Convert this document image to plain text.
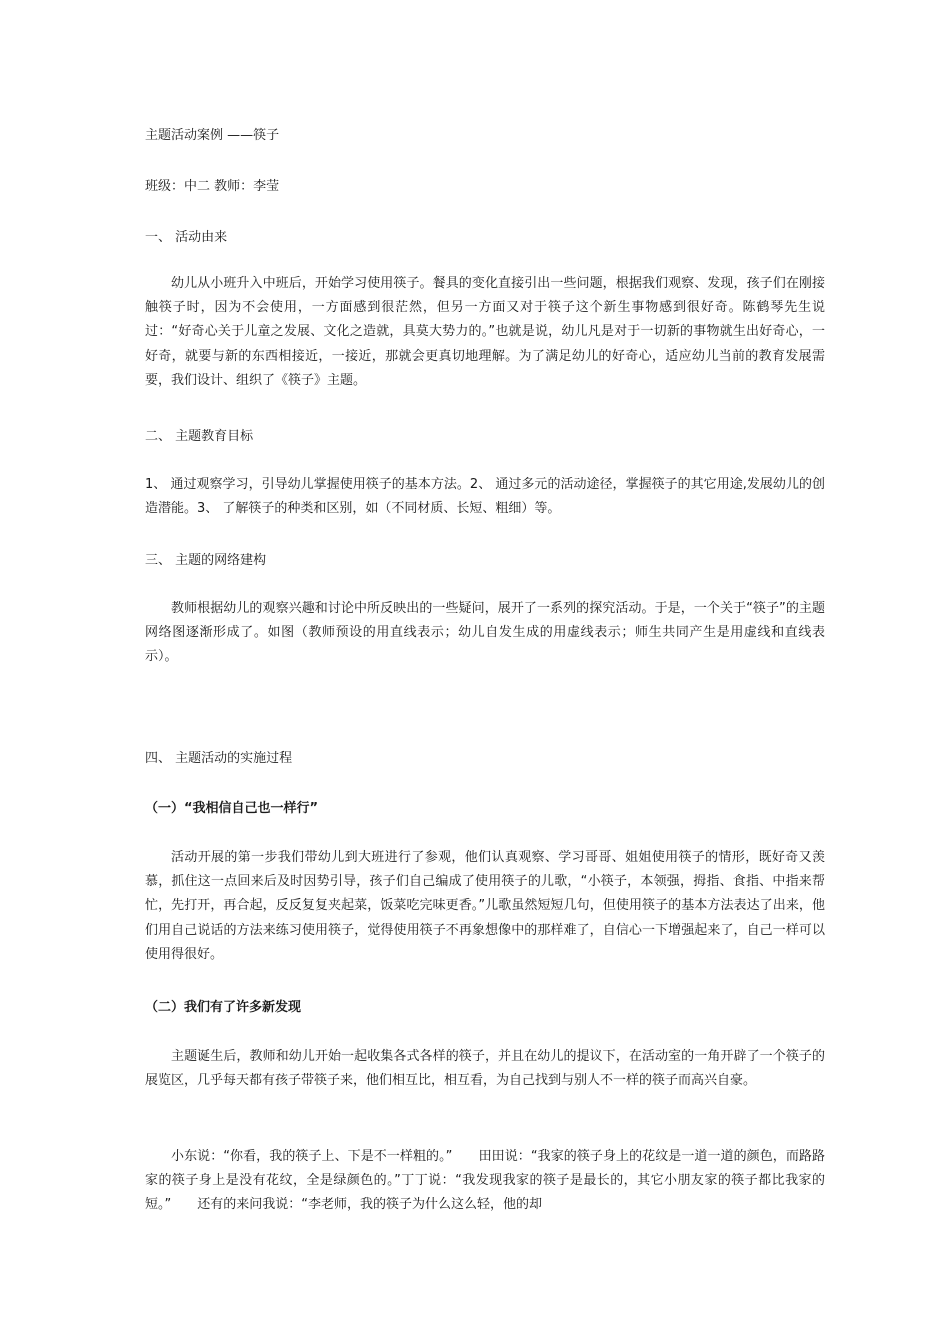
主题活动案例 ——筷子
班级：中二 教师：李莹
一、 活动由来

幼儿从小班升入中班后，开始学习使用筷子。餐具的变化直接引出一些问题，根据我们观察、发现，孩子们在刚接触筷子时，因为不会使用，一方面感到很茫然，但另一方面又对于筷子这个新生事物感到很好奇。陈鹤琴先生说过：“好奇心关于儿童之发展、文化之造就，具莫大势力的。”也就是说，幼儿凡是对于一切新的事物就生出好奇心，一好奇，就要与新的东西相接近，一接近，那就会更真切地理解。为了满足幼儿的好奇心，适应幼儿当前的教育发展需要，我们设计、组织了《筷子》主题。

二、 主题教育目标

1、 通过观察学习，引导幼儿掌握使用筷子的基本方法。2、 通过多元的活动途径，掌握筷子的其它用途,发展幼儿的创造潜能。3、 了解筷子的种类和区别，如（不同材质、长短、粗细）等。

三、 主题的网络建构

教师根据幼儿的观察兴趣和讨论中所反映出的一些疑问，展开了一系列的探究活动。于是，一个关于“筷子”的主题网络图逐渐形成了。如图（教师预设的用直线表示；幼儿自发生成的用虚线表示；师生共同产生是用虚线和直线表示）。

四、 主题活动的实施过程
（一）“我相信自己也一样行”

活动开展的第一步我们带幼儿到大班进行了参观，他们认真观察、学习哥哥、姐姐使用筷子的情形，既好奇又羡慕，抓住这一点回来后及时因势引导，孩子们自己编成了使用筷子的儿歌，“小筷子，本领强，拇指、食指、中指来帮忙，先打开，再合起，反反复复夹起菜，饭菜吃完味更香。”儿歌虽然短短几句，但使用筷子的基本方法表达了出来，他们用自己说话的方法来练习使用筷子，觉得使用筷子不再象想像中的那样难了，自信心一下增强起来了，自己一样可以使用得很好。

（二）我们有了许多新发现

主题诞生后，教师和幼儿开始一起收集各式各样的筷子，并且在幼儿的提议下，在活动室的一角开辟了一个筷子的展览区，几乎每天都有孩子带筷子来，他们相互比，相互看，为自己找到与别人不一样的筷子而高兴自豪。

小东说：“你看，我的筷子上、下是不一样粗的。”　　田田说：“我家的筷子身上的花纹是一道一道的颜色，而路路家的筷子身上是没有花纹，全是绿颜色的。”丁丁说：“我发现我家的筷子是最长的，其它小朋友家的筷子都比我家的短。”　　还有的来问我说：“李老师，我的筷子为什么这么轻，他的却
